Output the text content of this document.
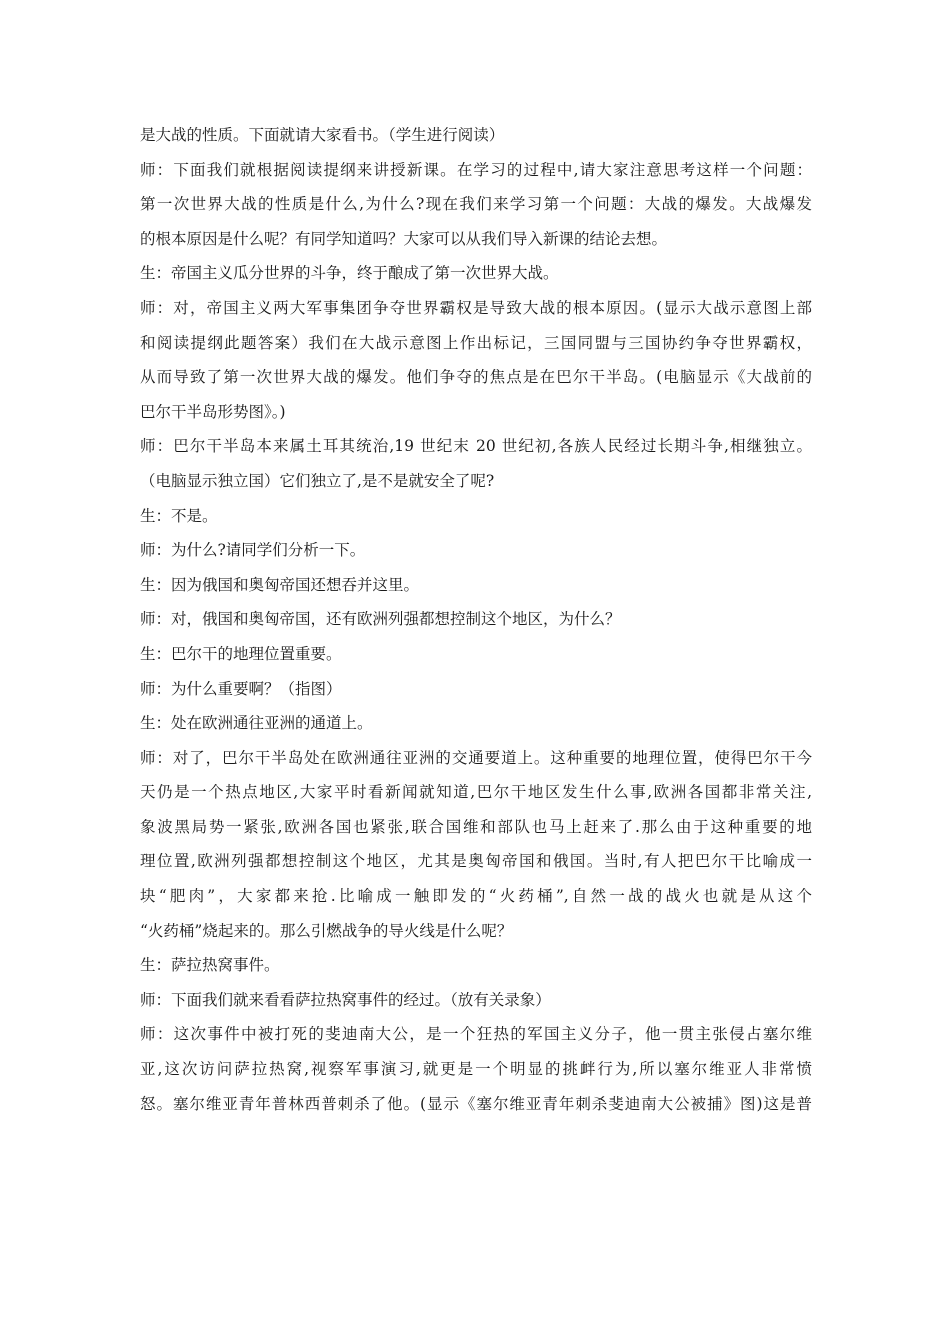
是大战的性质。下面就请大家看书。（学生进行阅读）
师：下面我们就根据阅读提纲来讲授新课。在学习的过程中,请大家注意思考这样一个问题：
第一次世界大战的性质是什么,为什么?现在我们来学习第一个问题：大战的爆发。大战爆发
的根本原因是什么呢？有同学知道吗？大家可以从我们导入新课的结论去想。
生：帝国主义瓜分世界的斗争，终于酿成了第一次世界大战。
师：对，帝国主义两大军事集团争夺世界霸权是导致大战的根本原因。(显示大战示意图上部
和阅读提纲此题答案）我们在大战示意图上作出标记，三国同盟与三国协约争夺世界霸权，
从而导致了第一次世界大战的爆发。他们争夺的焦点是在巴尔干半岛。(电脑显示《大战前的
巴尔干半岛形势图》。)
师：巴尔干半岛本来属土耳其统治,19 世纪末 20 世纪初,各族人民经过长期斗争,相继独立。
（电脑显示独立国）它们独立了,是不是就安全了呢?
生：不是。
师：为什么?请同学们分析一下。
生：因为俄国和奥匈帝国还想吞并这里。
师：对，俄国和奥匈帝国，还有欧洲列强都想控制这个地区，为什么？
生：巴尔干的地理位置重要。
师：为什么重要啊？（指图）
生：处在欧洲通往亚洲的通道上。
师：对了，巴尔干半岛处在欧洲通往亚洲的交通要道上。这种重要的地理位置，使得巴尔干今
天仍是一个热点地区,大家平时看新闻就知道,巴尔干地区发生什么事,欧洲各国都非常关注,
象波黑局势一紧张,欧洲各国也紧张,联合国维和部队也马上赶来了.那么由于这种重要的地
理位置,欧洲列强都想控制这个地区，尤其是奥匈帝国和俄国。当时,有人把巴尔干比喻成一
块“肥肉”，大家都来抢.比喻成一触即发的“火药桶”,自然一战的战火也就是从这个
“火药桶”烧起来的。那么引燃战争的导火线是什么呢？
生：萨拉热窝事件。
师：下面我们就来看看萨拉热窝事件的经过。（放有关录象）
师：这次事件中被打死的斐迪南大公，是一个狂热的军国主义分子，他一贯主张侵占塞尔维
亚,这次访问萨拉热窝,视察军事演习,就更是一个明显的挑衅行为,所以塞尔维亚人非常愤
怒。塞尔维亚青年普林西普刺杀了他。(显示《塞尔维亚青年刺杀斐迪南大公被捕》图)这是普
